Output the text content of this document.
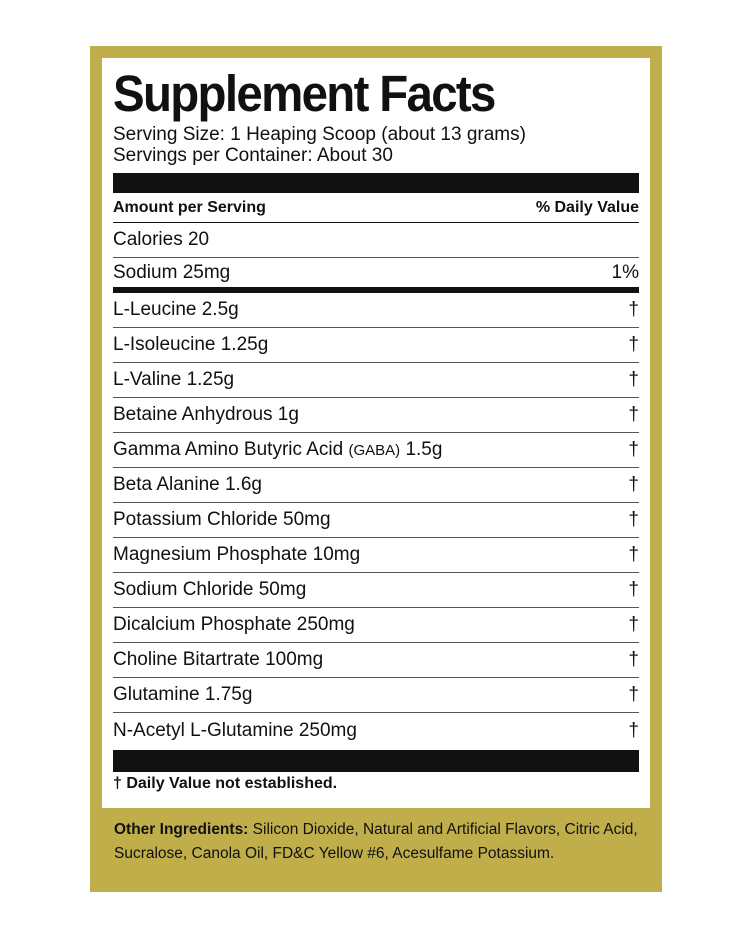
Supplement Facts
Serving Size: 1 Heaping Scoop (about 13 grams)
Servings per Container: About 30
Amount per Serving	% Daily Value
Calories 20
Sodium 25mg	1%
L-Leucine 2.5g	†
L-Isoleucine 1.25g	†
L-Valine 1.25g	†
Betaine Anhydrous 1g	†
Gamma Amino Butyric Acid (GABA) 1.5g	†
Beta Alanine 1.6g	†
Potassium Chloride 50mg	†
Magnesium Phosphate 10mg	†
Sodium Chloride 50mg	†
Dicalcium Phosphate 250mg	†
Choline Bitartrate 100mg	†
Glutamine 1.75g	†
N-Acetyl L-Glutamine 250mg	†
† Daily Value not established.
Other Ingredients: Silicon Dioxide, Natural and Artificial Flavors, Citric Acid, Sucralose, Canola Oil, FD&C Yellow #6, Acesulfame Potassium.
